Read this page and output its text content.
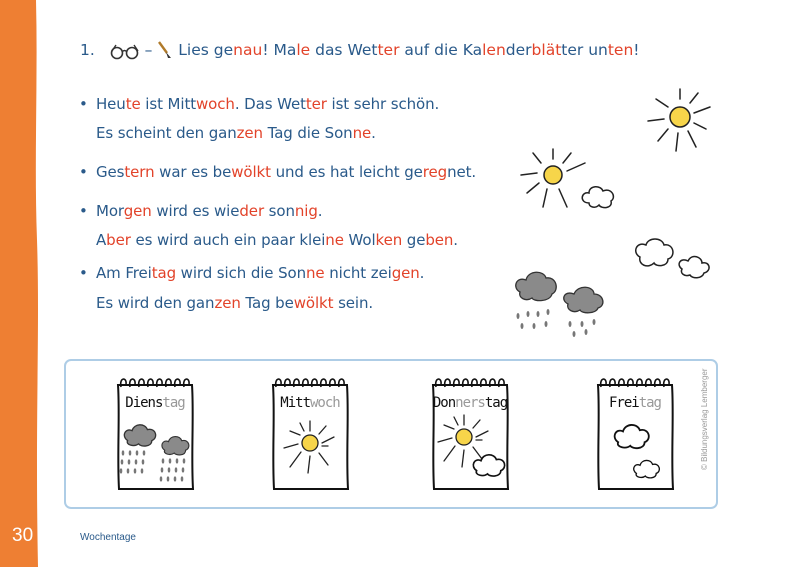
30
1.	– Lies genau! Male das Wetter auf die Kalenderblätter unten!
• Heute ist Mittwoch. Das Wetter ist sehr schön.
Es scheint den ganzen Tag die Sonne.
• Gestern war es bewölkt und es hat leicht geregnet.
• Morgen wird es wieder sonnig.
Aber es wird auch ein paar kleine Wolken geben.
• Am Freitag wird sich die Sonne nicht zeigen.
Es wird den ganzen Tag bewölkt sein.
Dienstag	Mittwoch	Donnerstag	Freitag
Wochentage
© Bildungsverlag Lemberger
